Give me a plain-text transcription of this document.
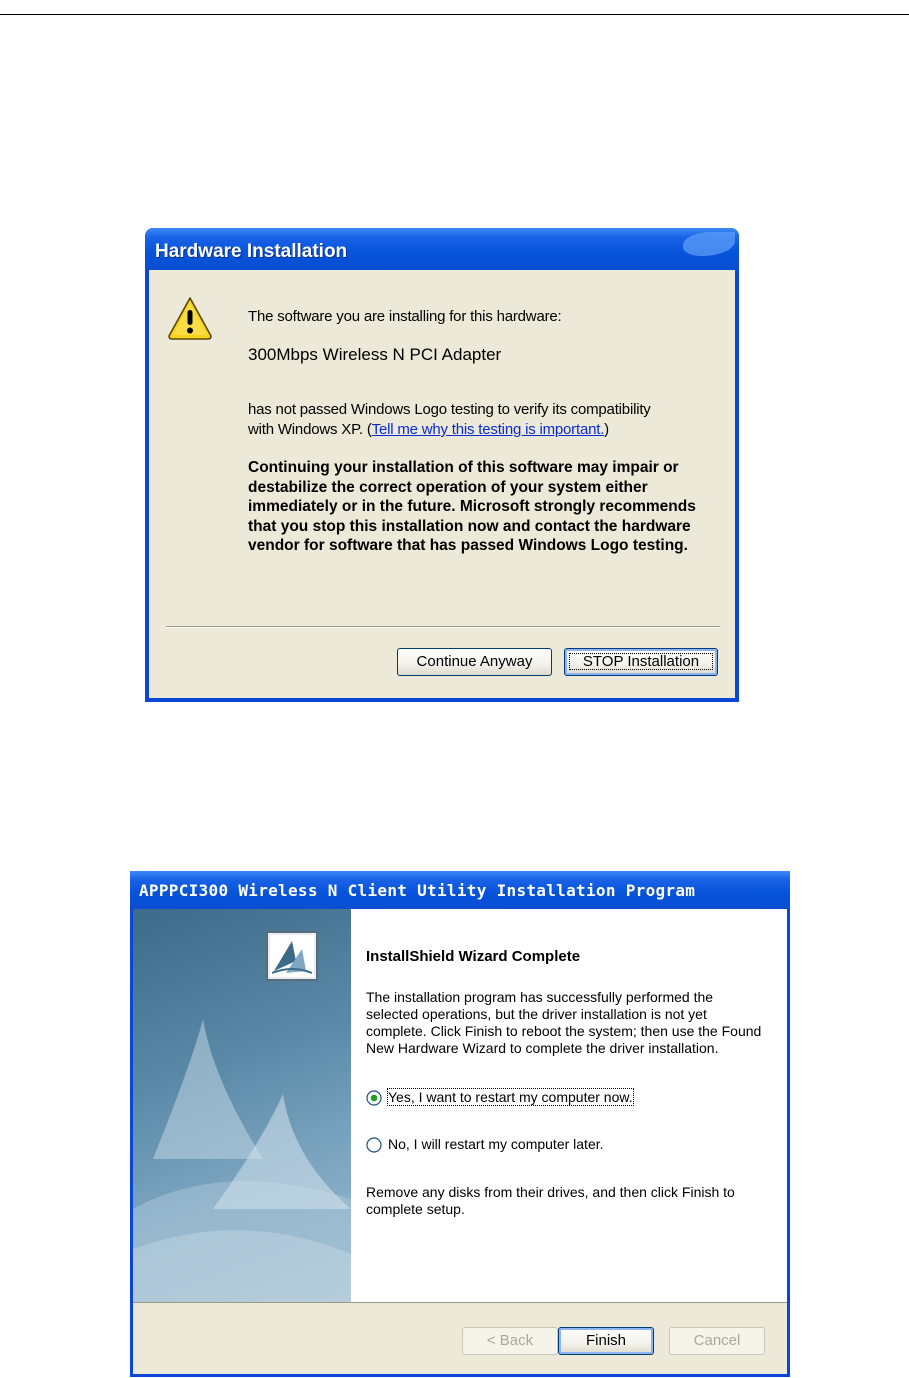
Hardware Installation
The software you are installing for this hardware:
300Mbps Wireless N PCI Adapter
has not passed Windows Logo testing to verify its compatibility
with Windows XP. (Tell me why this testing is important.)
Continuing your installation of this software may impair or destabilize the correct operation of your system either immediately or in the future. Microsoft strongly recommends that you stop this installation now and contact the hardware vendor for software that has passed Windows Logo testing.
Continue Anyway	STOP Installation
APPPCI300 Wireless N Client Utility Installation Program
InstallShield Wizard Complete
The installation program has successfully performed the selected operations, but the driver installation is not yet complete. Click Finish to reboot the system; then use the Found New Hardware Wizard to complete the driver installation.
Yes, I want to restart my computer now.
No, I will restart my computer later.
Remove any disks from their drives, and then click Finish to complete setup.
< Back	Finish	Cancel
